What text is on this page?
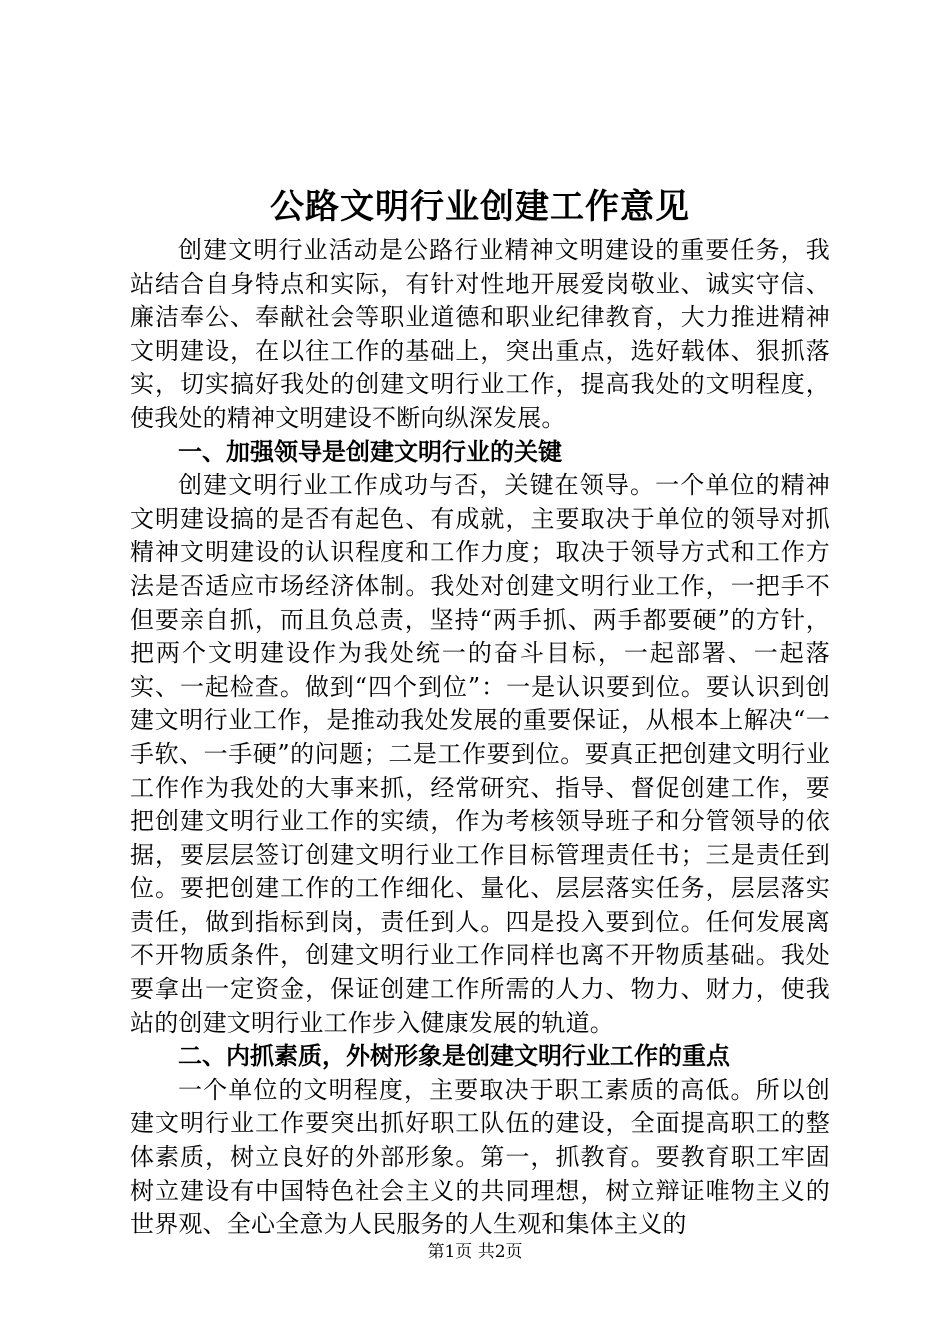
公路文明行业创建工作意见

创建文明行业活动是公路行业精神文明建设的重要任务，我站结合自身特点和实际，有针对性地开展爱岗敬业、诚实守信、廉洁奉公、奉献社会等职业道德和职业纪律教育，大力推进精神文明建设，在以往工作的基础上，突出重点，选好载体、狠抓落实，切实搞好我处的创建文明行业工作，提高我处的文明程度，使我处的精神文明建设不断向纵深发展。

一、加强领导是创建文明行业的关键

创建文明行业工作成功与否，关键在领导。一个单位的精神文明建设搞的是否有起色、有成就，主要取决于单位的领导对抓精神文明建设的认识程度和工作力度；取决于领导方式和工作方法是否适应市场经济体制。我处对创建文明行业工作，一把手不但要亲自抓，而且负总责，坚持“两手抓、两手都要硬”的方针，把两个文明建设作为我处统一的奋斗目标，一起部署、一起落实、一起检查。做到“四个到位”：一是认识要到位。要认识到创建文明行业工作，是推动我处发展的重要保证，从根本上解决“一手软、一手硬”的问题；二是工作要到位。要真正把创建文明行业工作作为我处的大事来抓，经常研究、指导、督促创建工作，要把创建文明行业工作的实绩，作为考核领导班子和分管领导的依据，要层层签订创建文明行业工作目标管理责任书；三是责任到位。要把创建工作的工作细化、量化、层层落实任务，层层落实责任，做到指标到岗，责任到人。四是投入要到位。任何发展离不开物质条件，创建文明行业工作同样也离不开物质基础。我处要拿出一定资金，保证创建工作所需的人力、物力、财力，使我站的创建文明行业工作步入健康发展的轨道。

二、内抓素质，外树形象是创建文明行业工作的重点

一个单位的文明程度，主要取决于职工素质的高低。所以创建文明行业工作要突出抓好职工队伍的建设，全面提高职工的整体素质，树立良好的外部形象。第一，抓教育。要教育职工牢固树立建设有中国特色社会主义的共同理想，树立辩证唯物主义的世界观、全心全意为人民服务的人生观和集体主义的

第1页 共2页
